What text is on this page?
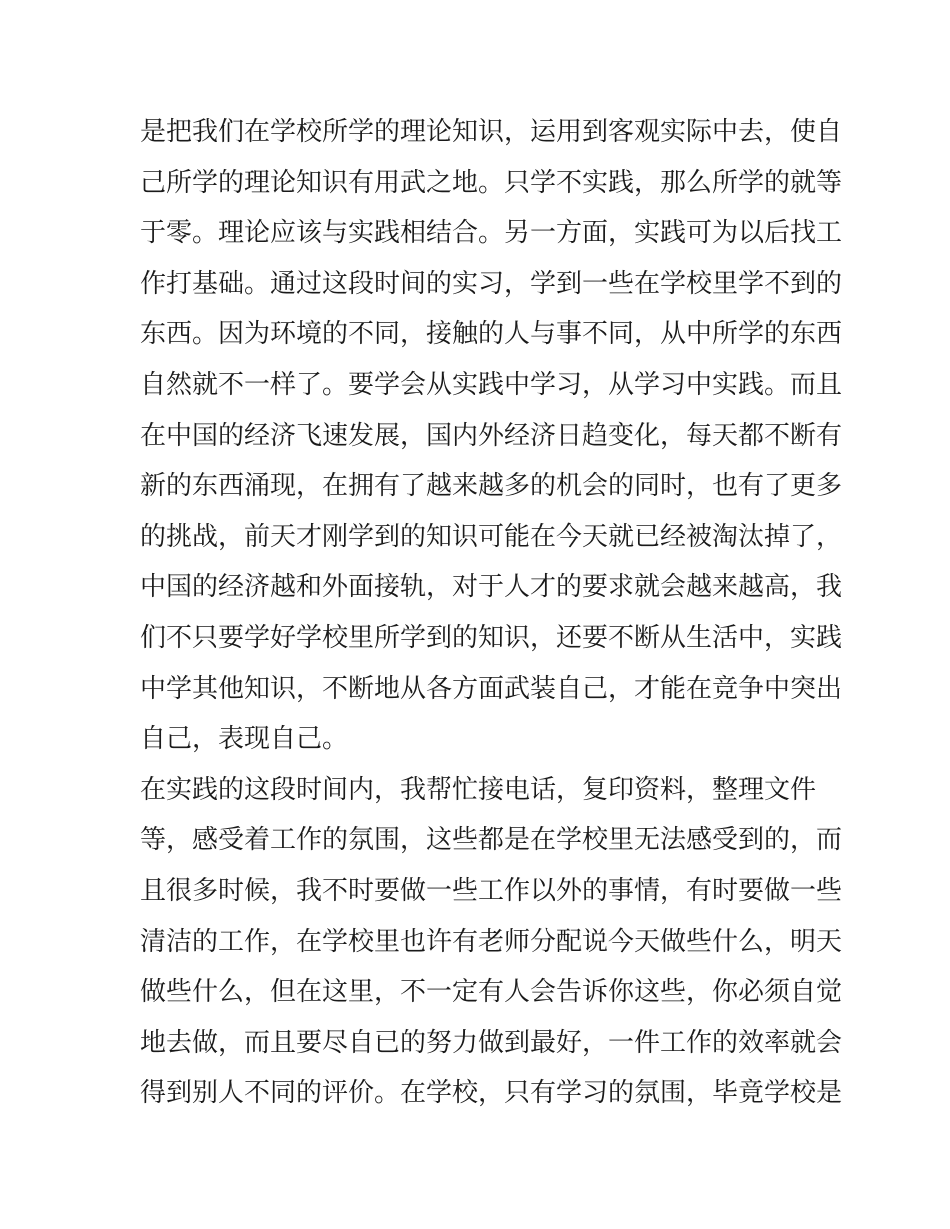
是把我们在学校所学的理论知识，运用到客观实际中去，使自
己所学的理论知识有用武之地。只学不实践，那么所学的就等
于零。理论应该与实践相结合。另一方面，实践可为以后找工
作打基础。通过这段时间的实习，学到一些在学校里学不到的
东西。因为环境的不同，接触的人与事不同，从中所学的东西
自然就不一样了。要学会从实践中学习，从学习中实践。而且
在中国的经济飞速发展，国内外经济日趋变化，每天都不断有
新的东西涌现，在拥有了越来越多的机会的同时，也有了更多
的挑战，前天才刚学到的知识可能在今天就已经被淘汰掉了，
中国的经济越和外面接轨，对于人才的要求就会越来越高，我
们不只要学好学校里所学到的知识，还要不断从生活中，实践
中学其他知识，不断地从各方面武装自己，才能在竞争中突出
自己，表现自己。
在实践的这段时间内，我帮忙接电话，复印资料，整理文件
等，感受着工作的氛围，这些都是在学校里无法感受到的，而
且很多时候，我不时要做一些工作以外的事情，有时要做一些
清洁的工作，在学校里也许有老师分配说今天做些什么，明天
做些什么，但在这里，不一定有人会告诉你这些，你必须自觉
地去做，而且要尽自已的努力做到最好，一件工作的效率就会
得到别人不同的评价。在学校，只有学习的氛围，毕竟学校是
